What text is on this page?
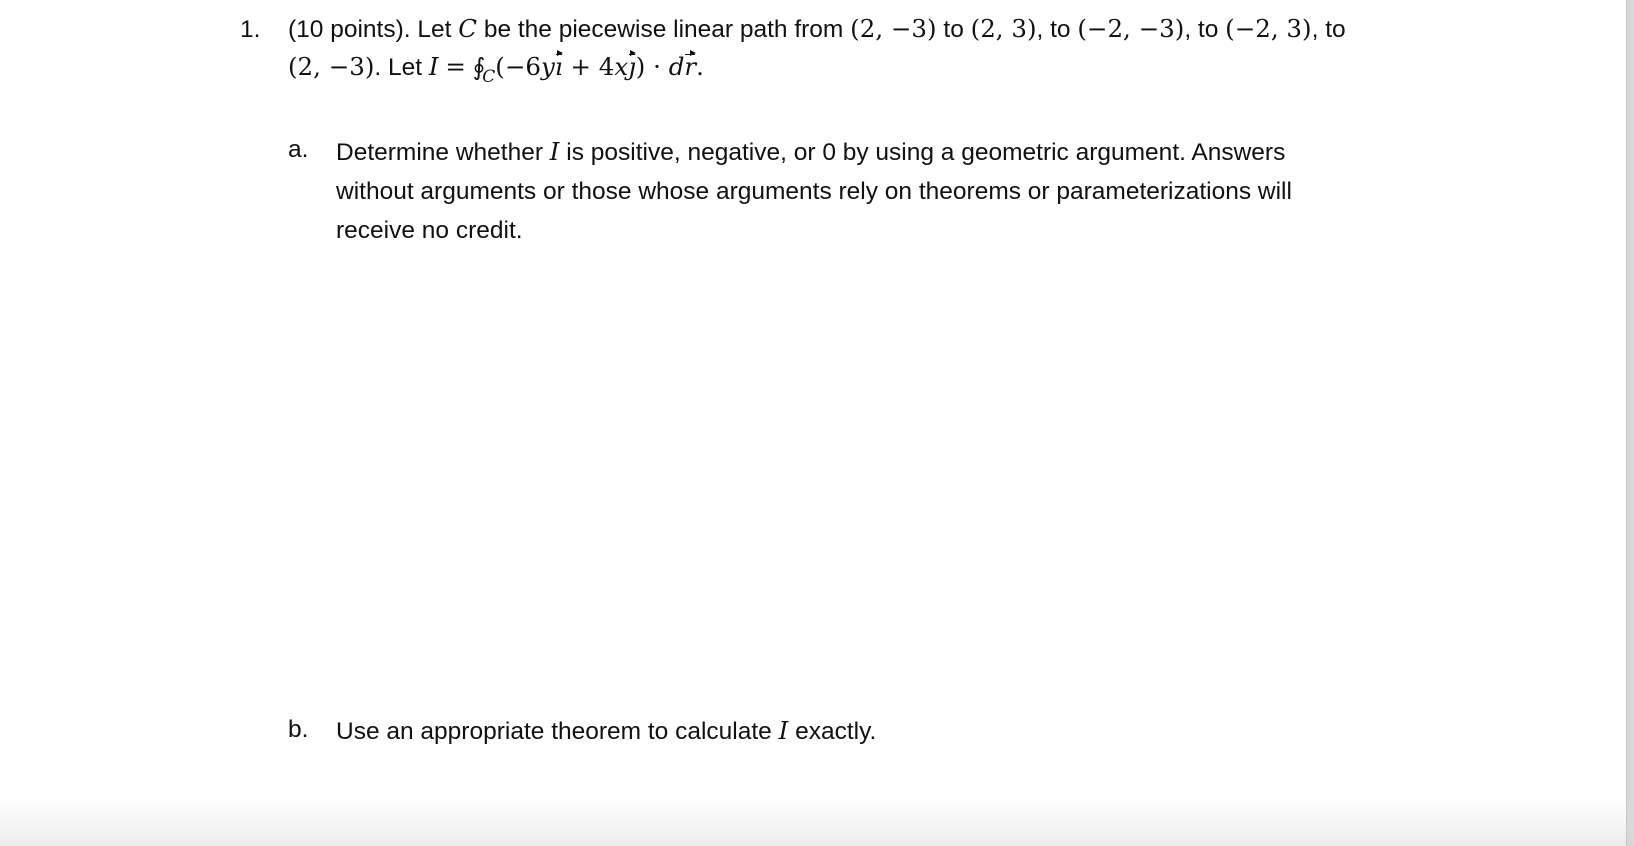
1. (10 points). Let C be the piecewise linear path from (2, −3) to (2, 3), to (−2, −3), to (−2, 3), to
(2, −3). Let $I = ∮_C(-6yı$ + 4xȷ) · dr.
a. Determine whether I is positive, negative, or 0 by using a geometric argument. Answers
without arguments or those whose arguments rely on theorems or parameterizations will
receive no credit.
b. Use an appropriate theorem to calculate I exactly.
